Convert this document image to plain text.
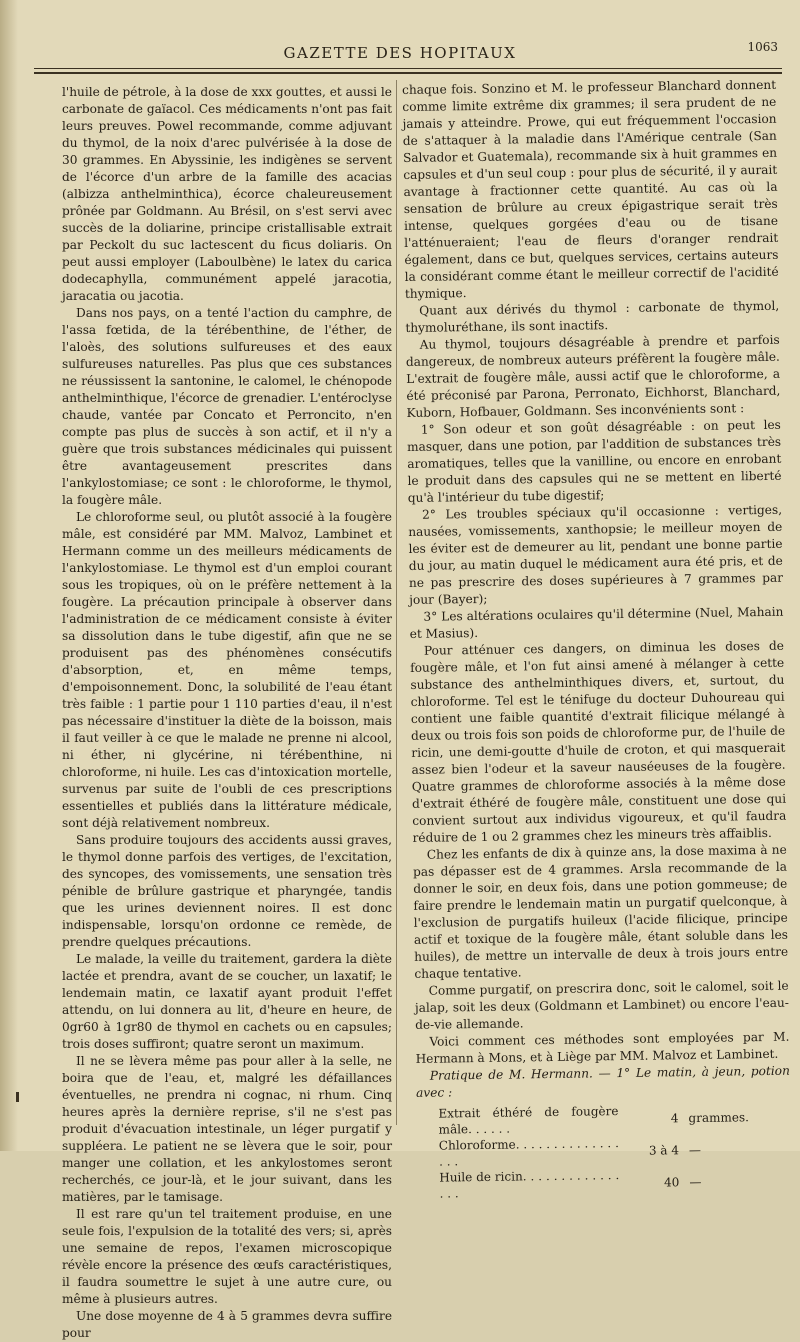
GAZETTE DES HOPITAUX	1063

l'huile de pétrole, à la dose de xxx gouttes, et aussi le carbonate de gaïacol. Ces médicaments n'ont pas fait leurs preuves. Powel recommande, comme adjuvant du thymol, de la noix d'arec pulvérisée à la dose de 30 grammes. En Abyssinie, les indigènes se servent de l'écorce d'un arbre de la famille des acacias (albizza anthelminthica), écorce chaleureusement prônée par Goldmann. Au Brésil, on s'est servi avec succès de la doliarine, principe cristallisable extrait par Peckolt du suc lactescent du ficus doliaris. On peut aussi employer (Laboulbène) le latex du carica dodecaphylla, communément appelé jaracotia, jaracatia ou jacotia.

Dans nos pays, on a tenté l'action du camphre, de l'assa fœtida, de la térébenthine, de l'éther, de l'aloès, des solutions sulfureuses et des eaux sulfureuses naturelles. Pas plus que ces substances ne réussissent la santonine, le calomel, le chénopode anthelminthique, l'écorce de grenadier. L'entéroclyse chaude, vantée par Concato et Perroncito, n'en compte pas plus de succès à son actif, et il n'y a guère que trois substances médicinales qui puissent être avantageusement prescrites dans l'ankylostomiase; ce sont : le chloroforme, le thymol, la fougère mâle.

Le chloroforme seul, ou plutôt associé à la fougère mâle, est considéré par MM. Malvoz, Lambinet et Hermann comme un des meilleurs médicaments de l'ankylostomiase. Le thymol est d'un emploi courant sous les tropiques, où on le préfère nettement à la fougère. La précaution principale à observer dans l'administration de ce médicament consiste à éviter sa dissolution dans le tube digestif, afin que ne se produisent pas des phénomènes consécutifs d'absorption, et, en même temps, d'empoisonnement. Donc, la solubilité de l'eau étant très faible : 1 partie pour 1 110 parties d'eau, il n'est pas nécessaire d'instituer la diète de la boisson, mais il faut veiller à ce que le malade ne prenne ni alcool, ni éther, ni glycérine, ni térébenthine, ni chloroforme, ni huile. Les cas d'intoxication mortelle, survenus par suite de l'oubli de ces prescriptions essentielles et publiés dans la littérature médicale, sont déjà relativement nombreux.

Sans produire toujours des accidents aussi graves, le thymol donne parfois des vertiges, de l'excitation, des syncopes, des vomissements, une sensation très pénible de brûlure gastrique et pharyngée, tandis que les urines deviennent noires. Il est donc indispensable, lorsqu'on ordonne ce remède, de prendre quelques précautions.

Le malade, la veille du traitement, gardera la diète lactée et prendra, avant de se coucher, un laxatif; le lendemain matin, ce laxatif ayant produit l'effet attendu, on lui donnera au lit, d'heure en heure, de 0gr60 à 1gr80 de thymol en cachets ou en capsules; trois doses suffiront; quatre seront un maximum.

Il ne se lèvera même pas pour aller à la selle, ne boira que de l'eau, et, malgré les défaillances éventuelles, ne prendra ni cognac, ni rhum. Cinq heures après la dernière reprise, s'il ne s'est pas produit d'évacuation intestinale, un léger purgatif y suppléera. Le patient ne se lèvera que le soir, pour manger une collation, et les ankylostomes seront recherchés, ce jour-là, et le jour suivant, dans les matières, par le tamisage.

Il est rare qu'un tel traitement produise, en une seule fois, l'expulsion de la totalité des vers; si, après une semaine de repos, l'examen microscopique révèle encore la présence des œufs caractéristiques, il faudra soumettre le sujet à une autre cure, ou même à plusieurs autres.

Une dose moyenne de 4 à 5 grammes devra suffire pour

chaque fois. Sonzino et M. le professeur Blanchard donnent comme limite extrême dix grammes; il sera prudent de ne jamais y atteindre. Prowe, qui eut fréquemment l'occasion de s'attaquer à la maladie dans l'Amérique centrale (San Salvador et Guatemala), recommande six à huit grammes en capsules et d'un seul coup : pour plus de sécurité, il y aurait avantage à fractionner cette quantité. Au cas où la sensation de brûlure au creux épigastrique serait très intense, quelques gorgées d'eau ou de tisane l'atténueraient; l'eau de fleurs d'oranger rendrait également, dans ce but, quelques services, certains auteurs la considérant comme étant le meilleur correctif de l'acidité thymique.

Quant aux dérivés du thymol : carbonate de thymol, thymoluréthane, ils sont inactifs.

Au thymol, toujours désagréable à prendre et parfois dangereux, de nombreux auteurs préfèrent la fougère mâle. L'extrait de fougère mâle, aussi actif que le chloroforme, a été préconisé par Parona, Perronato, Eichhorst, Blanchard, Kuborn, Hofbauer, Goldmann. Ses inconvénients sont :

1° Son odeur et son goût désagréable : on peut les masquer, dans une potion, par l'addition de substances très aromatiques, telles que la vanilline, ou encore en enrobant le produit dans des capsules qui ne se mettent en liberté qu'à l'intérieur du tube digestif;

2° Les troubles spéciaux qu'il occasionne : vertiges, nausées, vomissements, xanthopsie; le meilleur moyen de les éviter est de demeurer au lit, pendant une bonne partie du jour, au matin duquel le médicament aura été pris, et de ne pas prescrire des doses supérieures à 7 grammes par jour (Bayer);

3° Les altérations oculaires qu'il détermine (Nuel, Mahain et Masius).

Pour atténuer ces dangers, on diminua les doses de fougère mâle, et l'on fut ainsi amené à mélanger à cette substance des anthelminthiques divers, et, surtout, du chloroforme. Tel est le ténifuge du docteur Duhoureau qui contient une faible quantité d'extrait filicique mélangé à deux ou trois fois son poids de chloroforme pur, de l'huile de ricin, une demi-goutte d'huile de croton, et qui masquerait assez bien l'odeur et la saveur nauséeuses de la fougère. Quatre grammes de chloroforme associés à la même dose d'extrait éthéré de fougère mâle, constituent une dose qui convient surtout aux individus vigoureux, et qu'il faudra réduire de 1 ou 2 grammes chez les mineurs très affaiblis.

Chez les enfants de dix à quinze ans, la dose maxima à ne pas dépasser est de 4 grammes. Arsla recommande de la donner le soir, en deux fois, dans une potion gommeuse; de faire prendre le lendemain matin un purgatif quelconque, à l'exclusion de purgatifs huileux (l'acide filicique, principe actif et toxique de la fougère mâle, étant soluble dans les huiles), de mettre un intervalle de deux à trois jours entre chaque tentative.

Comme purgatif, on prescrira donc, soit le calomel, soit le jalap, soit les deux (Goldmann et Lambinet) ou encore l'eau-de-vie allemande.

Voici comment ces méthodes sont employées par M. Hermann à Mons, et à Liège par MM. Malvoz et Lambinet.

Pratique de M. Hermann. — 1° Le matin, à jeun, potion avec :

Extrait éthéré de fougère mâle. . . . . .	4	grammes.
Chloroforme. . . . . . . . . . . . . . . . .	3 à 4	—
Huile de ricin. . . . . . . . . . . . . . . .	40	—
